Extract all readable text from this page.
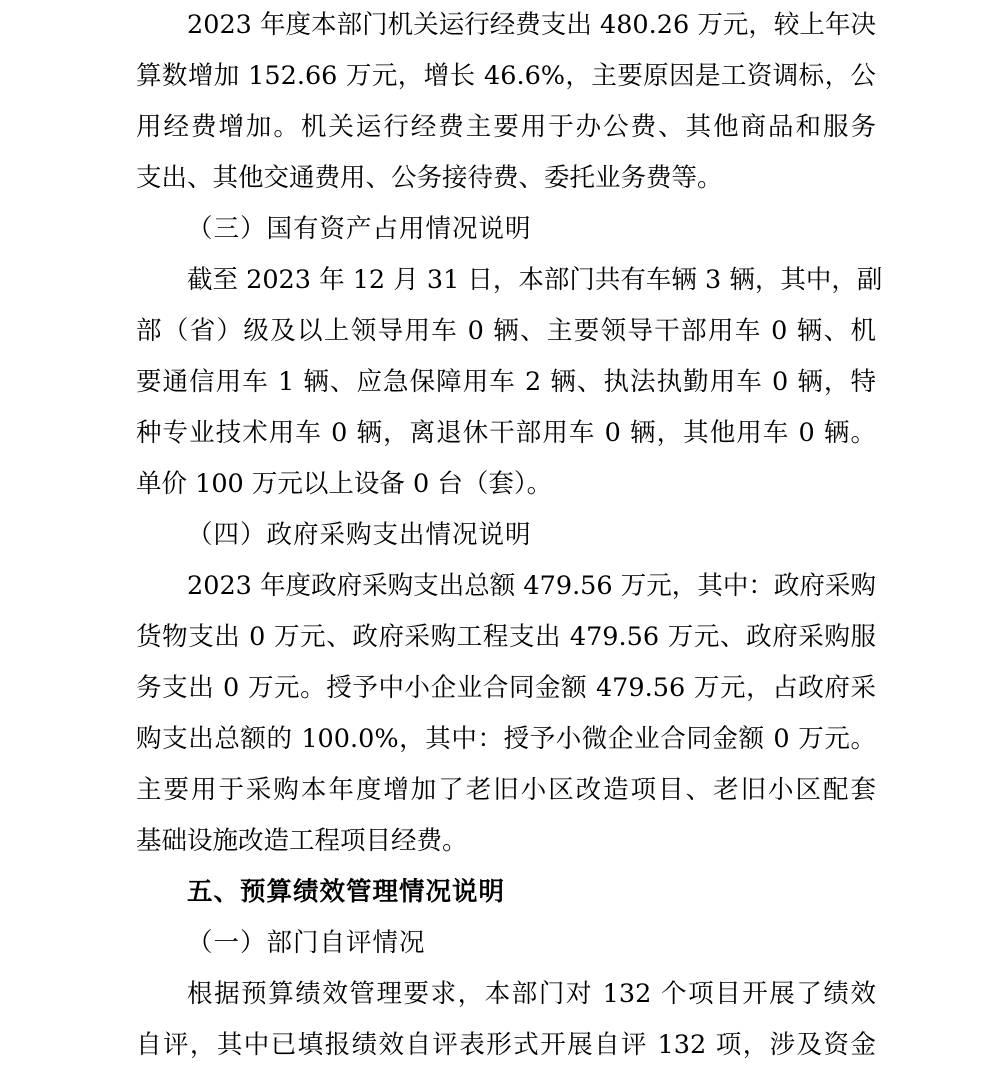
2023 年度本部门机关运行经费支出 480.26 万元，较上年决
算数增加 152.66 万元，增长 46.6%，主要原因是工资调标，公
用经费增加。机关运行经费主要用于办公费、其他商品和服务
支出、其他交通费用、公务接待费、委托业务费等。
（三）国有资产占用情况说明
截至 2023 年 12 月 31 日，本部门共有车辆 3 辆，其中，副
部（省）级及以上领导用车 0 辆、主要领导干部用车 0 辆、机
要通信用车 1 辆、应急保障用车 2 辆、执法执勤用车 0 辆，特
种专业技术用车 0 辆，离退休干部用车 0 辆，其他用车 0 辆。
单价 100 万元以上设备 0 台（套）。
（四）政府采购支出情况说明
2023 年度政府采购支出总额 479.56 万元，其中：政府采购
货物支出 0 万元、政府采购工程支出 479.56 万元、政府采购服
务支出 0 万元。授予中小企业合同金额 479.56 万元，占政府采
购支出总额的 100.0%，其中：授予小微企业合同金额 0 万元。
主要用于采购本年度增加了老旧小区改造项目、老旧小区配套
基础设施改造工程项目经费。
五、预算绩效管理情况说明
（一）部门自评情况
根据预算绩效管理要求，本部门对 132 个项目开展了绩效
自评，其中已填报绩效自评表形式开展自评 132 项，涉及资金
